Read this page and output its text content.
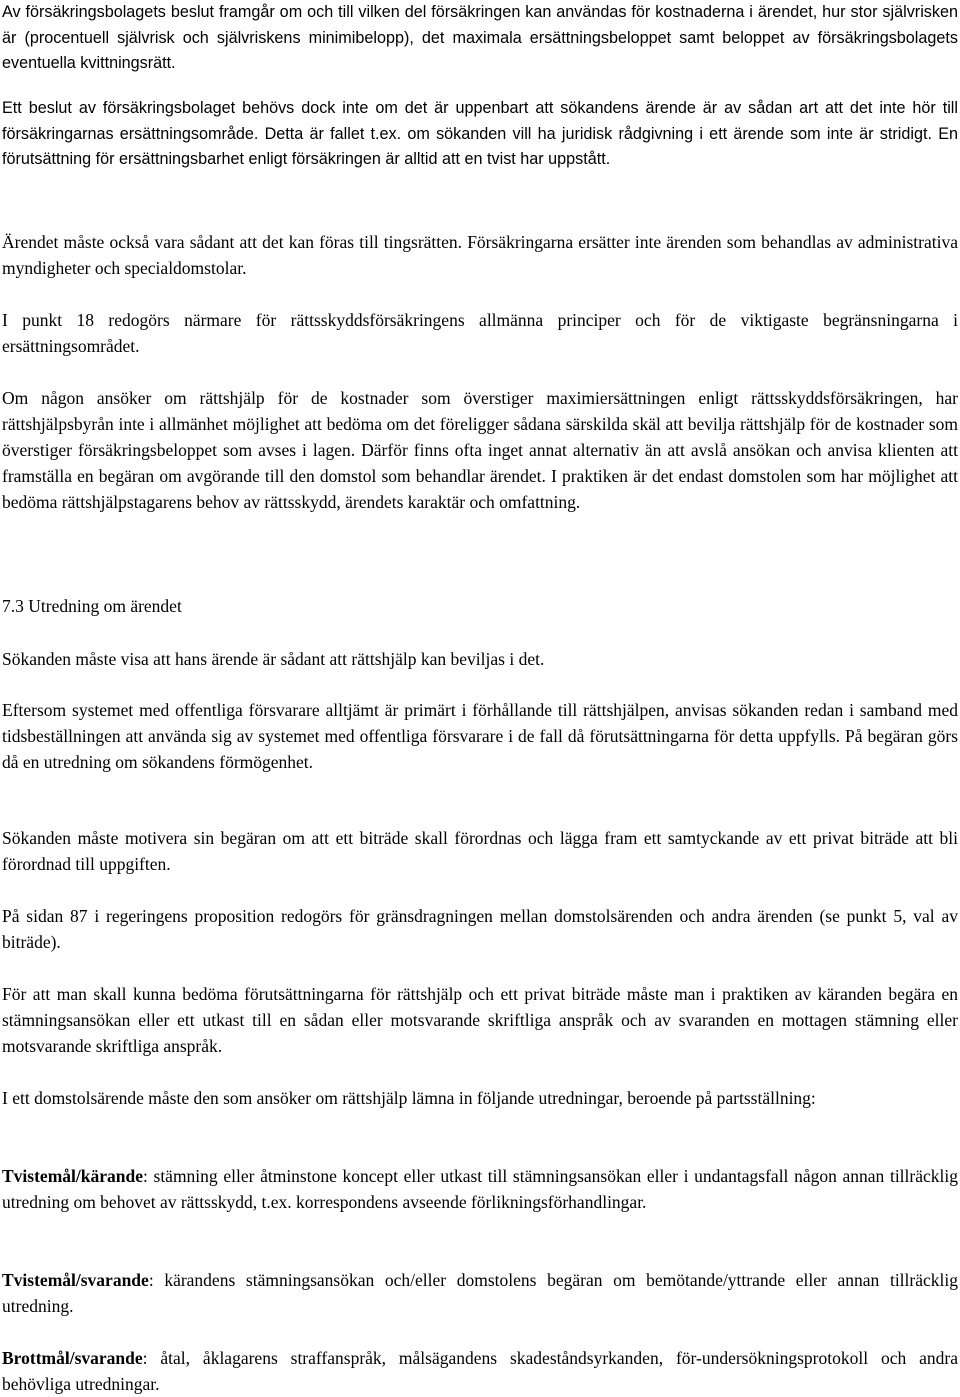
Av försäkringsbolagets beslut framgår om och till vilken del försäkringen kan användas för kostnaderna i ärendet, hur stor självrisken är (procentuell självrisk och självriskens minimibelopp), det maximala ersättningsbeloppet samt beloppet av försäkringsbolagets eventuella kvittningsrätt.

Ett beslut av försäkringsbolaget behövs dock inte om det är uppenbart att sökandens ärende är av sådan art att det inte hör till försäkringarnas ersättningsområde. Detta är fallet t.ex. om sökanden vill ha juridisk rådgivning i ett ärende som inte är stridigt. En förutsättning för ersättningsbarhet enligt försäkringen är alltid att en tvist har uppstått.

Ärendet måste också vara sådant att det kan föras till tingsrätten. Försäkringarna ersätter inte ärenden som behandlas av administrativa myndigheter och specialdomstolar.

I punkt 18 redogörs närmare för rättsskyddsförsäkringens allmänna principer och för de viktigaste begränsningarna i ersättningsområdet.

Om någon ansöker om rättshjälp för de kostnader som överstiger maximiersättningen enligt rättsskyddsförsäkringen, har rättshjälpsbyrån inte i allmänhet möjlighet att bedöma om det föreligger sådana särskilda skäl att bevilja rättshjälp för de kostnader som överstiger försäkringsbeloppet som avses i lagen. Därför finns ofta inget annat alternativ än att avslå ansökan och anvisa klienten att framställa en begäran om avgörande till den domstol som behandlar ärendet. I praktiken är det endast domstolen som har möjlighet att bedöma rättshjälpstagarens behov av rättsskydd, ärendets karaktär och omfattning.

7.3 Utredning om ärendet

Sökanden måste visa att hans ärende är sådant att rättshjälp kan beviljas i det.

Eftersom systemet med offentliga försvarare alltjämt är primärt i förhållande till rättshjälpen, anvisas sökanden redan i samband med tidsbeställningen att använda sig av systemet med offentliga försvarare i de fall då förutsättningarna för detta uppfylls. På begäran görs då en utredning om sökandens förmögenhet.

Sökanden måste motivera sin begäran om att ett biträde skall förordnas och lägga fram ett samtyckande av ett privat biträde att bli förordnad till uppgiften.

På sidan 87 i regeringens proposition redogörs för gränsdragningen mellan domstolsärenden och andra ärenden (se punkt 5, val av biträde).

För att man skall kunna bedöma förutsättningarna för rättshjälp och ett privat biträde måste man i praktiken av käranden begära en stämningsansökan eller ett utkast till en sådan eller motsvarande skriftliga anspråk och av svaranden en mottagen stämning eller motsvarande skriftliga anspråk.

I ett domstolsärende måste den som ansöker om rättshjälp lämna in följande utredningar, beroende på partsställning:

Tvistemål/kärande: stämning eller åtminstone koncept eller utkast till stämningsansökan eller i undantagsfall någon annan tillräcklig utredning om behovet av rättsskydd, t.ex. korrespondens avseende förlikningsförhandlingar.

Tvistemål/svarande: kärandens stämningsansökan och/eller domstolens begäran om bemötande/yttrande eller annan tillräcklig utredning.

Brottmål/svarande: åtal, åklagarens straffanspråk, målsägandens skadeståndsyrkanden, för-undersökningsprotokoll och andra behövliga utredningar.
